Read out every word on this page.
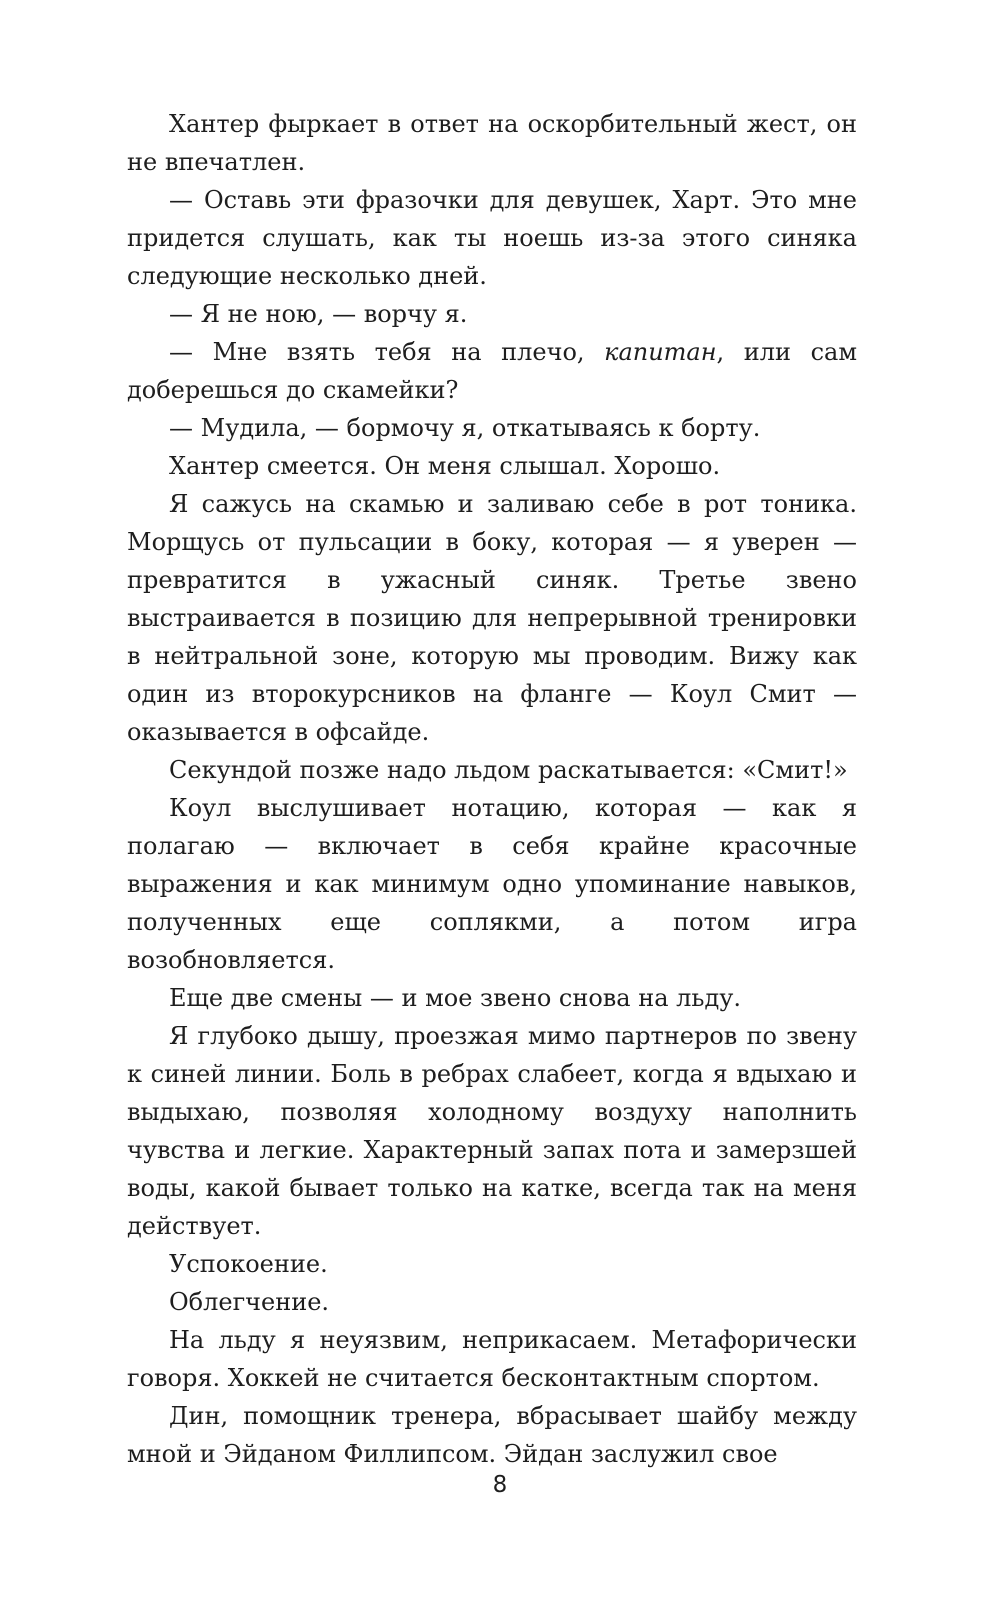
Хантер фыркает в ответ на оскорбительный жест, он не впечатлен.

— Оставь эти фразочки для девушек, Харт. Это мне придется слушать, как ты ноешь из-за этого синяка следующие несколько дней.

— Я не ною, — ворчу я.

— Мне взять тебя на плечо, капитан, или сам доберешься до скамейки?

— Мудила, — бормочу я, откатываясь к борту.

Хантер смеется. Он меня слышал. Хорошо.

Я сажусь на скамью и заливаю себе в рот тоника. Морщусь от пульсации в боку, которая — я уверен — превратится в ужасный синяк. Третье звено выстраивается в позицию для непрерывной тренировки в нейтральной зоне, которую мы проводим. Вижу как один из второкурсников на фланге — Коул Смит — оказывается в офсайде.

Секундой позже надо льдом раскатывается: «Смит!»

Коул выслушивает нотацию, которая — как я полагаю — включает в себя крайне красочные выражения и как минимум одно упоминание навыков, полученных еще соплякми, а потом игра возобновляется.

Еще две смены — и мое звено снова на льду.

Я глубоко дышу, проезжая мимо партнеров по звену к синей линии. Боль в ребрах слабеет, когда я вдыхаю и выдыхаю, позволяя холодному воздуху наполнить чувства и легкие. Характерный запах пота и замерзшей воды, какой бывает только на катке, всегда так на меня действует.

Успокоение.

Облегчение.

На льду я неуязвим, неприкасаем. Метафорически говоря. Хоккей не считается бесконтактным спортом.

Дин, помощник тренера, вбрасывает шайбу между мной и Эйданом Филлипсом. Эйдан заслужил свое

8
